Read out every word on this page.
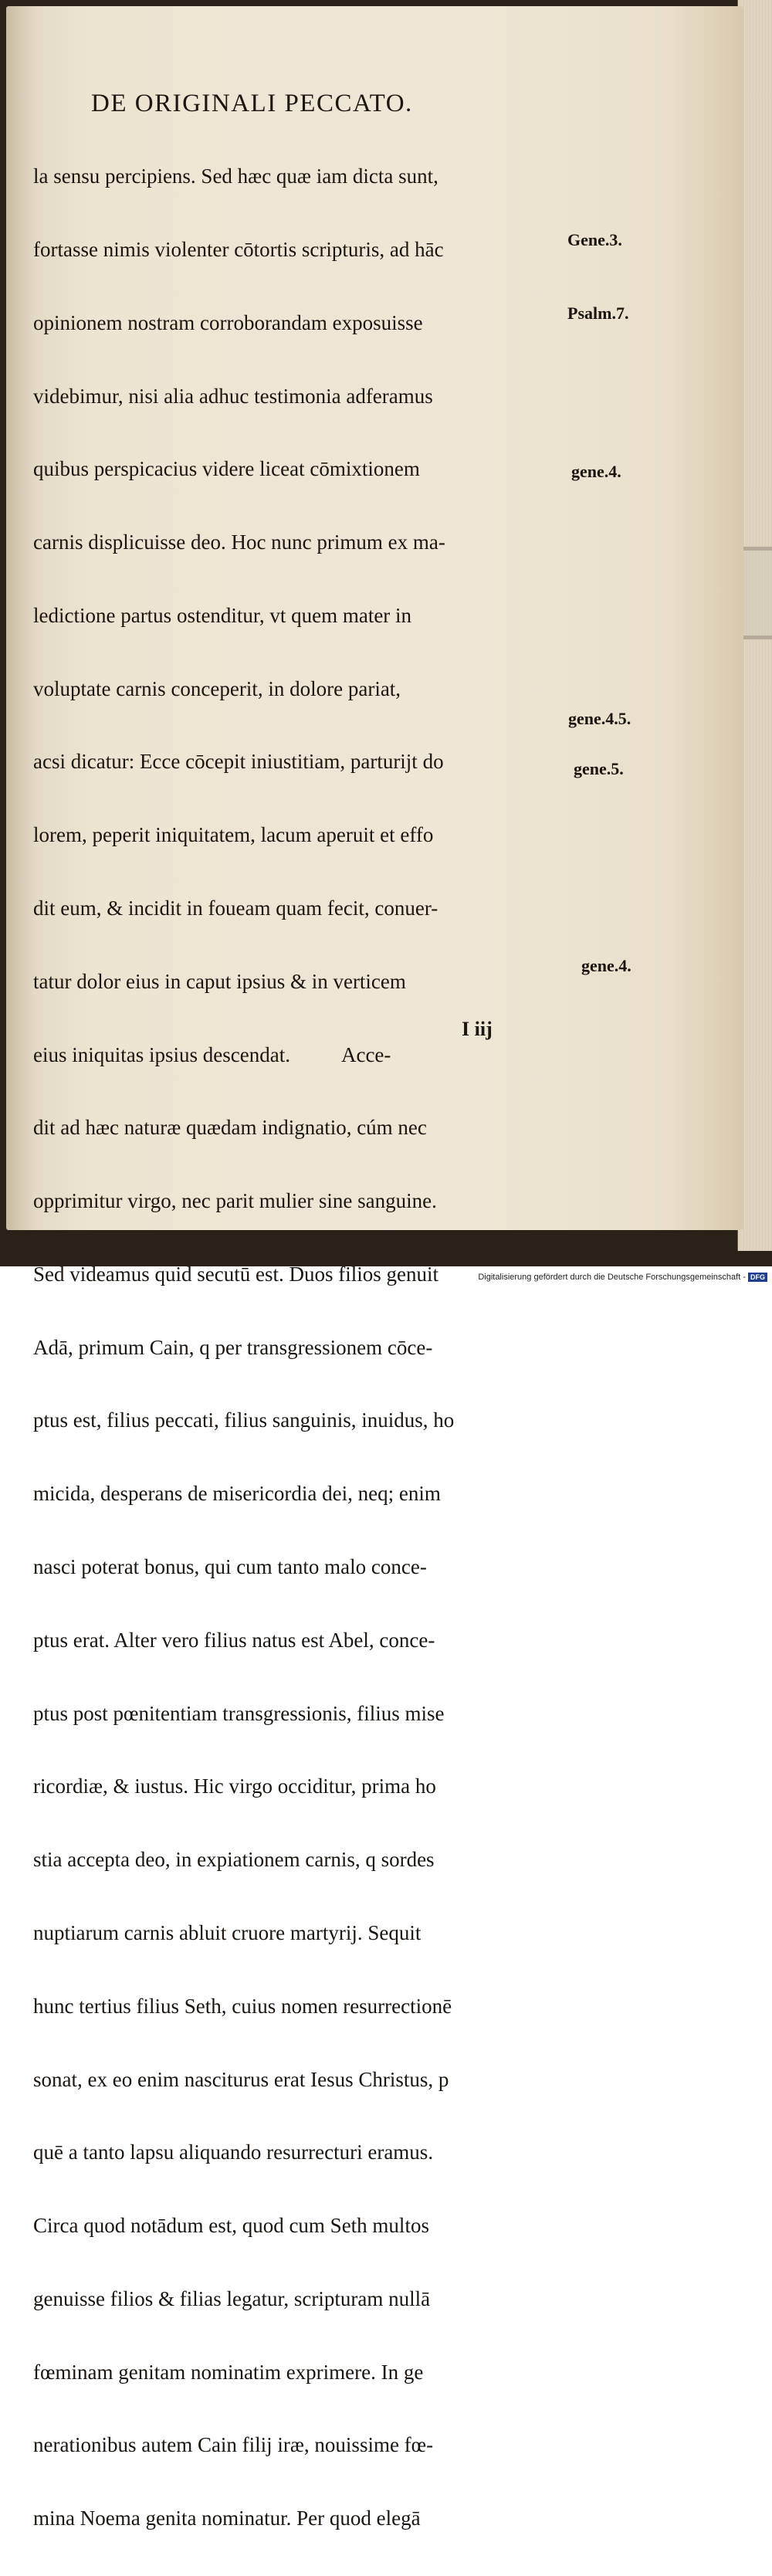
DE ORIGINALI PECCATO.

la sensu percipiens. Sed hæc quæ iam dicta sunt,

fortasse nimis violenter cōtortis scripturis, ad hāc

opinionem nostram corroborandam exposuisse

videbimur, nisi alia adhuc testimonia adferamus

quibus perspicacius videre liceat cōmixtionem

carnis displicuisse deo. Hoc nunc primum ex ma-

ledictione partus ostenditur, vt quem mater in

voluptate carnis conceperit, in dolore pariat,

acsi dicatur: Ecce cōcepit iniustitiam, parturijt do

lorem, peperit iniquitatem, lacum aperuit et effo

dit eum, & incidit in foueam quam fecit, conuer-

tatur dolor eius in caput ipsius & in verticem

eius iniquitas ipsius descendat.          Acce-

dit ad hæc naturæ quædam indignatio, cúm nec

opprimitur virgo, nec parit mulier sine sanguine.

Sed videamus quid secutū est. Duos filios genuit

Adā, primum Cain, q per transgressionem cōce-

ptus est, filius peccati, filius sanguinis, inuidus, ho

micida, desperans de misericordia dei, neq; enim

nasci poterat bonus, qui cum tanto malo conce-

ptus erat. Alter vero filius natus est Abel, conce-

ptus post pœnitentiam transgressionis, filius mise

ricordiæ, & iustus. Hic virgo occiditur, prima ho

stia accepta deo, in expiationem carnis, q sordes

nuptiarum carnis abluit cruore martyrij. Sequit

hunc tertius filius Seth, cuius nomen resurrectionē

sonat, ex eo enim nasciturus erat Iesus Christus, p

quē a tanto lapsu aliquando resurrecturi eramus.

Circa quod notādum est, quod cum Seth multos

genuisse filios & filias legatur, scripturam nullā

fœminam genitam nominatim exprimere. In ge

nerationibus autem Cain filij iræ, nouissime fœ-

mina Noema genita nominatur. Per quod elegā

Gene.3.
Psalm.7.
gene.4.
gene.4.5.
gene.5.
gene.4.
I iij
Digitalisierung gefördert durch die Deutsche Forschungsgemeinschaft - DFG
